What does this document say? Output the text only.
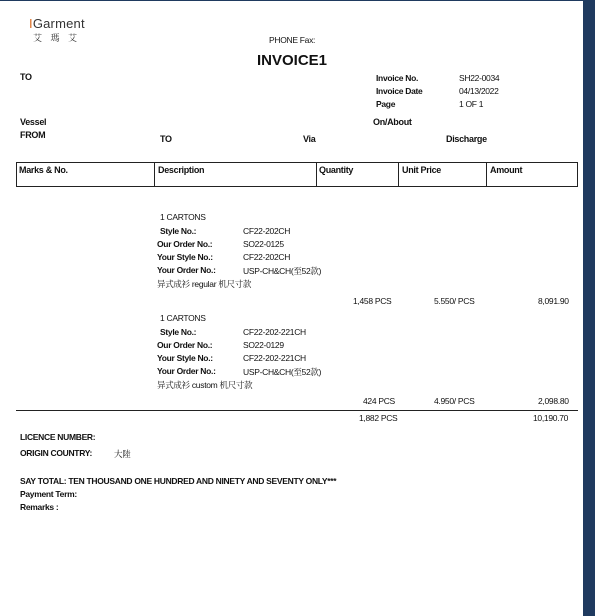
IGarment
艾 瑪 艾	PHONE Fax:
INVOICE1
TO	Invoice No.	SH22-0034
Invoice Date	04/13/2022
Page	1 OF 1
Vessel	On/About
FROM	TO	Via	Discharge
Marks & No.	Description	Quantity	Unit Price	Amount
1 CARTONS
Style No.:	CF22-202CH
Our Order No.:	SO22-0125
Your Style No.:	CF22-202CH
Your Order No.:	USP-CH&CH(至52款)
异式成衫 regular 机尺寸款
1,458 PCS	5.550/ PCS	8,091.90
1 CARTONS
Style No.:	CF22-202-221CH
Our Order No.:	SO22-0129
Your Style No.:	CF22-202-221CH
Your Order No.:	USP-CH&CH(至52款)
异式成衫 custom 机尺寸款
424 PCS	4.950/ PCS	2,098.80
1,882 PCS	10,190.70
LICENCE NUMBER:
ORIGIN COUNTRY:	大陸
SAY TOTAL: TEN THOUSAND ONE HUNDRED AND NINETY AND SEVENTY ONLY***
Payment Term:
Remarks :
